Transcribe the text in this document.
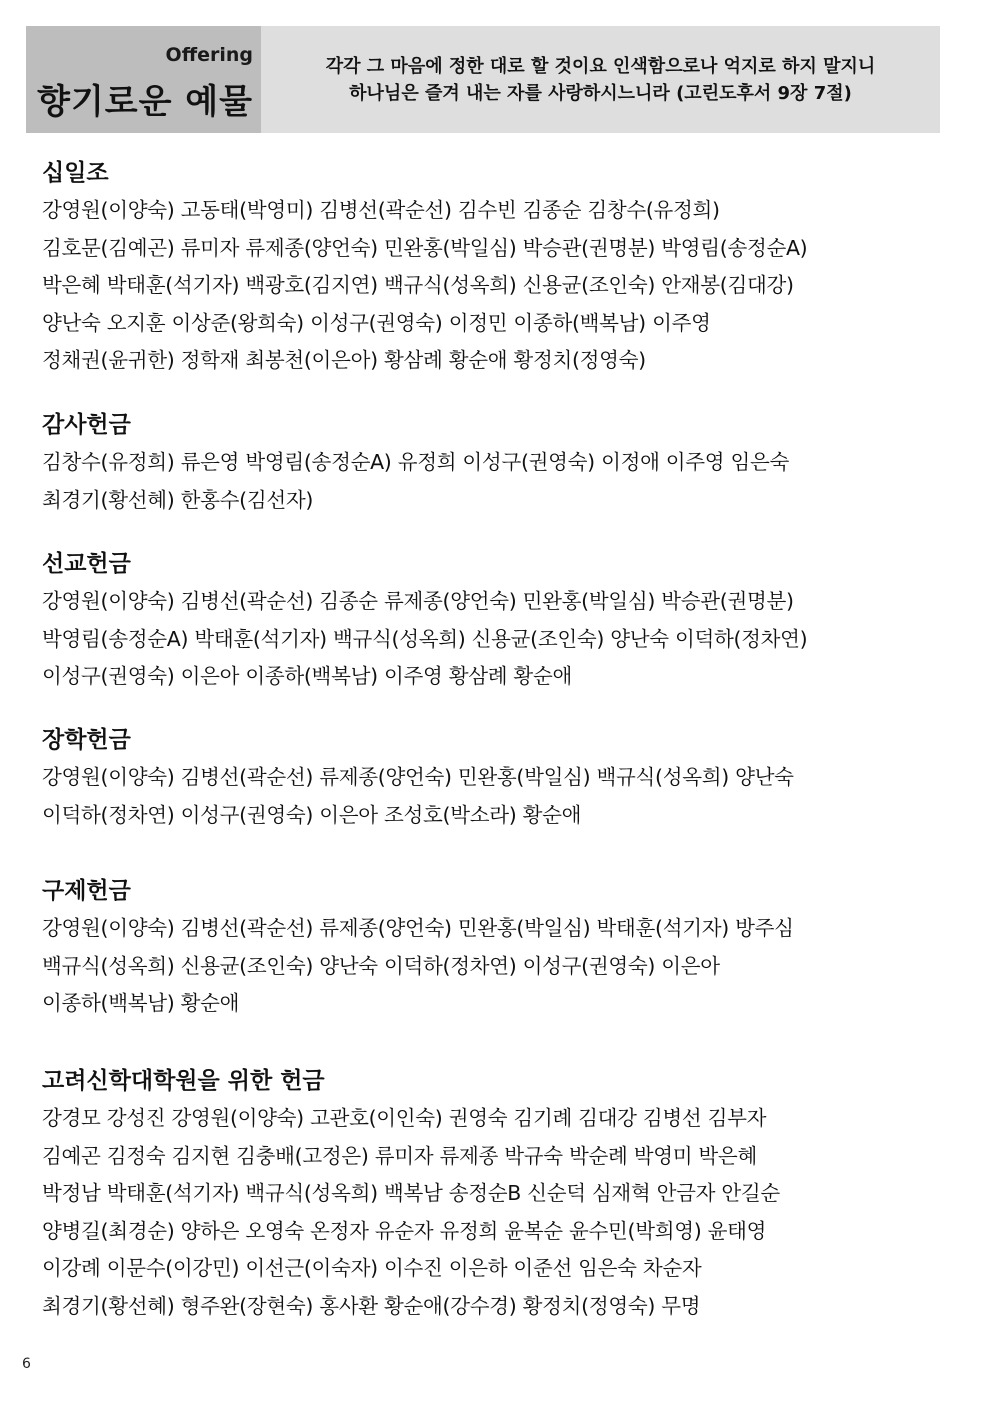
Offering
향기로운 예물
각각 그 마음에 정한 대로 할 것이요 인색함으로나 억지로 하지 말지니
하나님은 즐겨 내는 자를 사랑하시느니라 (고린도후서 9장 7절)
십일조
강영원(이양숙) 고동태(박영미) 김병선(곽순선) 김수빈 김종순 김창수(유정희)
김호문(김예곤) 류미자 류제종(양언숙) 민완홍(박일심) 박승관(권명분) 박영림(송정순A)
박은혜 박태훈(석기자) 백광호(김지연) 백규식(성옥희) 신용균(조인숙) 안재봉(김대강)
양난숙 오지훈 이상준(왕희숙) 이성구(권영숙) 이정민 이종하(백복남) 이주영
정채권(윤귀한) 정학재 최봉천(이은아) 황삼례 황순애 황정치(정영숙)
감사헌금
김창수(유정희) 류은영 박영림(송정순A) 유정희 이성구(권영숙) 이정애 이주영 임은숙
최경기(황선혜) 한홍수(김선자)
선교헌금
강영원(이양숙) 김병선(곽순선) 김종순 류제종(양언숙) 민완홍(박일심) 박승관(권명분)
박영림(송정순A) 박태훈(석기자) 백규식(성옥희) 신용균(조인숙) 양난숙 이덕하(정차연)
이성구(권영숙) 이은아 이종하(백복남) 이주영 황삼례 황순애
장학헌금
강영원(이양숙) 김병선(곽순선) 류제종(양언숙) 민완홍(박일심) 백규식(성옥희) 양난숙
이덕하(정차연) 이성구(권영숙) 이은아 조성호(박소라) 황순애
구제헌금
강영원(이양숙) 김병선(곽순선) 류제종(양언숙) 민완홍(박일심) 박태훈(석기자) 방주심
백규식(성옥희) 신용균(조인숙) 양난숙 이덕하(정차연) 이성구(권영숙) 이은아
이종하(백복남) 황순애
고려신학대학원을 위한 헌금
강경모 강성진 강영원(이양숙) 고관호(이인숙) 권영숙 김기례 김대강 김병선 김부자
김예곤 김정숙 김지현 김충배(고정은) 류미자 류제종 박규숙 박순례 박영미 박은혜
박정남 박태훈(석기자) 백규식(성옥희) 백복남 송정순B 신순덕 심재혁 안금자 안길순
양병길(최경순) 양하은 오영숙 온정자 유순자 유정희 윤복순 윤수민(박희영) 윤태영
이강례 이문수(이강민) 이선근(이숙자) 이수진 이은하 이준선 임은숙 차순자
최경기(황선혜) 형주완(장현숙) 홍사환 황순애(강수경) 황정치(정영숙) 무명
6
